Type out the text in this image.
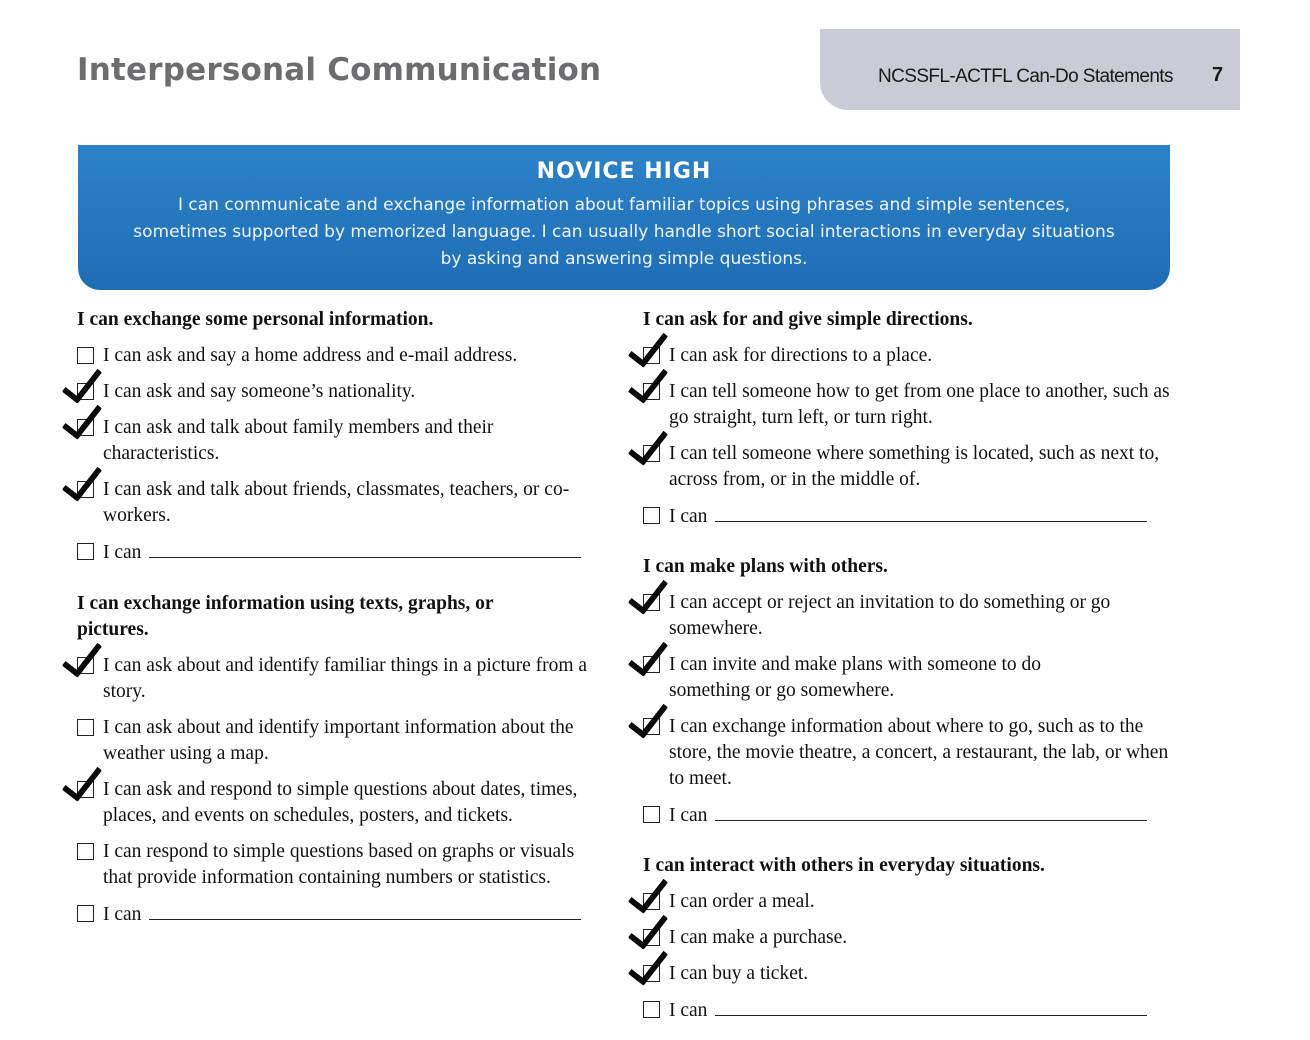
Interpersonal Communication	NCSSFL-ACTFL Can-Do Statements 7
NOVICE HIGH
I can communicate and exchange information about familiar topics using phrases and simple sentences, sometimes supported by memorized language. I can usually handle short social interactions in everyday situations by asking and answering simple questions.
I can exchange some personal information.
I can ask and say a home address and e-mail address.
I can ask and say someone’s nationality.
I can ask and talk about family members and their characteristics.
I can ask and talk about friends, classmates, teachers, or co-workers.
I can
I can exchange information using texts, graphs, or pictures.
I can ask about and identify familiar things in a picture from a story.
I can ask about and identify important information about the weather using a map.
I can ask and respond to simple questions about dates, times, places, and events on schedules, posters, and tickets.
I can respond to simple questions based on graphs or visuals that provide information containing numbers or statistics.
I can
I can ask for and give simple directions.
I can ask for directions to a place.
I can tell someone how to get from one place to another, such as go straight, turn left, or turn right.
I can tell someone where something is located, such as next to, across from, or in the middle of.
I can
I can make plans with others.
I can accept or reject an invitation to do something or go somewhere.
I can invite and make plans with someone to do something or go somewhere.
I can exchange information about where to go, such as to the store, the movie theatre, a concert, a restaurant, the lab, or when to meet.
I can
I can interact with others in everyday situations.
I can order a meal.
I can make a purchase.
I can buy a ticket.
I can
